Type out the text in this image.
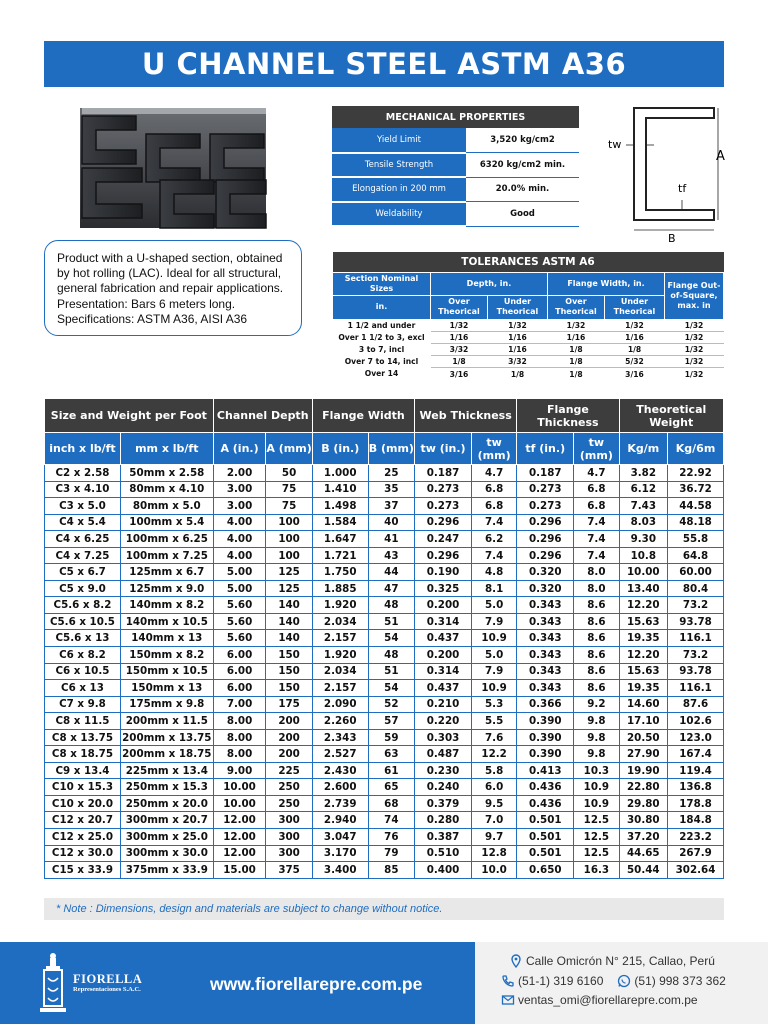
U CHANNEL STEEL ASTM A36
MECHANICAL PROPERTIES	
Yield Limit	3,520 kg/cm2
Tensile Strength	6320 kg/cm2 min.
Elongation in 200 mm	20.0% min.
Weldability	Good
A
B
tw
tf
Product with a U-shaped section, obtained
by hot rolling (LAC). Ideal for all structural,
general fabrication and repair applications.
Presentation: Bars 6 meters long.
Specifications: ASTM A36, AISI A36
TOLERANCES ASTM A6					
Section Nominal Sizes	Depth, in.		Flange Width, in.		Flange Out-of-Square, max. in
in.	Over Theorical	Under Theorical	Over Theorical	Under Theorical	
1 1/2 and under	1/32	1/32	1/32	1/32	1/32
Over 1 1/2 to 3, excl	1/16	1/16	1/16	1/16	1/32
3 to 7, incl	3/32	1/16	1/8	1/8	1/32
Over 7 to 14, incl	1/8	3/32	1/8	5/32	1/32
Over 14	3/16	1/8	1/8	3/16	1/32
Size and Weight per Foot		Channel Depth		Flange Width		Web Thickness		Flange Thickness		Theoretical Weight	
inch x lb/ft	mm x lb/ft	A (in.)	A (mm)	B (in.)	B (mm)	tw (in.)	tw (mm)	tf (in.)	tw (mm)	Kg/m	Kg/6m
C2 x 2.58	50mm x 2.58	2.00	50	1.000	25	0.187	4.7	0.187	4.7	3.82	22.92
C3 x 4.10	80mm x 4.10	3.00	75	1.410	35	0.273	6.8	0.273	6.8	6.12	36.72
C3 x 5.0	80mm x 5.0	3.00	75	1.498	37	0.273	6.8	0.273	6.8	7.43	44.58
C4 x 5.4	100mm x 5.4	4.00	100	1.584	40	0.296	7.4	0.296	7.4	8.03	48.18
C4 x 6.25	100mm x 6.25	4.00	100	1.647	41	0.247	6.2	0.296	7.4	9.30	55.8
C4 x 7.25	100mm x 7.25	4.00	100	1.721	43	0.296	7.4	0.296	7.4	10.8	64.8
C5 x 6.7	125mm x 6.7	5.00	125	1.750	44	0.190	4.8	0.320	8.0	10.00	60.00
C5 x 9.0	125mm x 9.0	5.00	125	1.885	47	0.325	8.1	0.320	8.0	13.40	80.4
C5.6 x 8.2	140mm x 8.2	5.60	140	1.920	48	0.200	5.0	0.343	8.6	12.20	73.2
C5.6 x 10.5	140mm x 10.5	5.60	140	2.034	51	0.314	7.9	0.343	8.6	15.63	93.78
C5.6 x 13	140mm x 13	5.60	140	2.157	54	0.437	10.9	0.343	8.6	19.35	116.1
C6 x 8.2	150mm x 8.2	6.00	150	1.920	48	0.200	5.0	0.343	8.6	12.20	73.2
C6 x 10.5	150mm x 10.5	6.00	150	2.034	51	0.314	7.9	0.343	8.6	15.63	93.78
C6 x 13	150mm x 13	6.00	150	2.157	54	0.437	10.9	0.343	8.6	19.35	116.1
C7 x 9.8	175mm x 9.8	7.00	175	2.090	52	0.210	5.3	0.366	9.2	14.60	87.6
C8 x 11.5	200mm x 11.5	8.00	200	2.260	57	0.220	5.5	0.390	9.8	17.10	102.6
C8 x 13.75	200mm x 13.75	8.00	200	2.343	59	0.303	7.6	0.390	9.8	20.50	123.0
C8 x 18.75	200mm x 18.75	8.00	200	2.527	63	0.487	12.2	0.390	9.8	27.90	167.4
C9 x 13.4	225mm x 13.4	9.00	225	2.430	61	0.230	5.8	0.413	10.3	19.90	119.4
C10 x 15.3	250mm x 15.3	10.00	250	2.600	65	0.240	6.0	0.436	10.9	22.80	136.8
C10 x 20.0	250mm x 20.0	10.00	250	2.739	68	0.379	9.5	0.436	10.9	29.80	178.8
C12 x 20.7	300mm x 20.7	12.00	300	2.940	74	0.280	7.0	0.501	12.5	30.80	184.8
C12 x 25.0	300mm x 25.0	12.00	300	3.047	76	0.387	9.7	0.501	12.5	37.20	223.2
C12 x 30.0	300mm x 30.0	12.00	300	3.170	79	0.510	12.8	0.501	12.5	44.65	267.9
C15 x 33.9	375mm x 33.9	15.00	375	3.400	85	0.400	10.0	0.650	16.3	50.44	302.64
* Note : Dimensions, design and materials are subject to change without notice.
FIORELLA
Representaciones S.A.C.	www.fiorellarepre.com.pe
Calle Omicrón N° 215, Callao, Perú
(51-1) 319 6160	(51) 998 373 362
ventas_omi@fiorellarepre.com.pe
